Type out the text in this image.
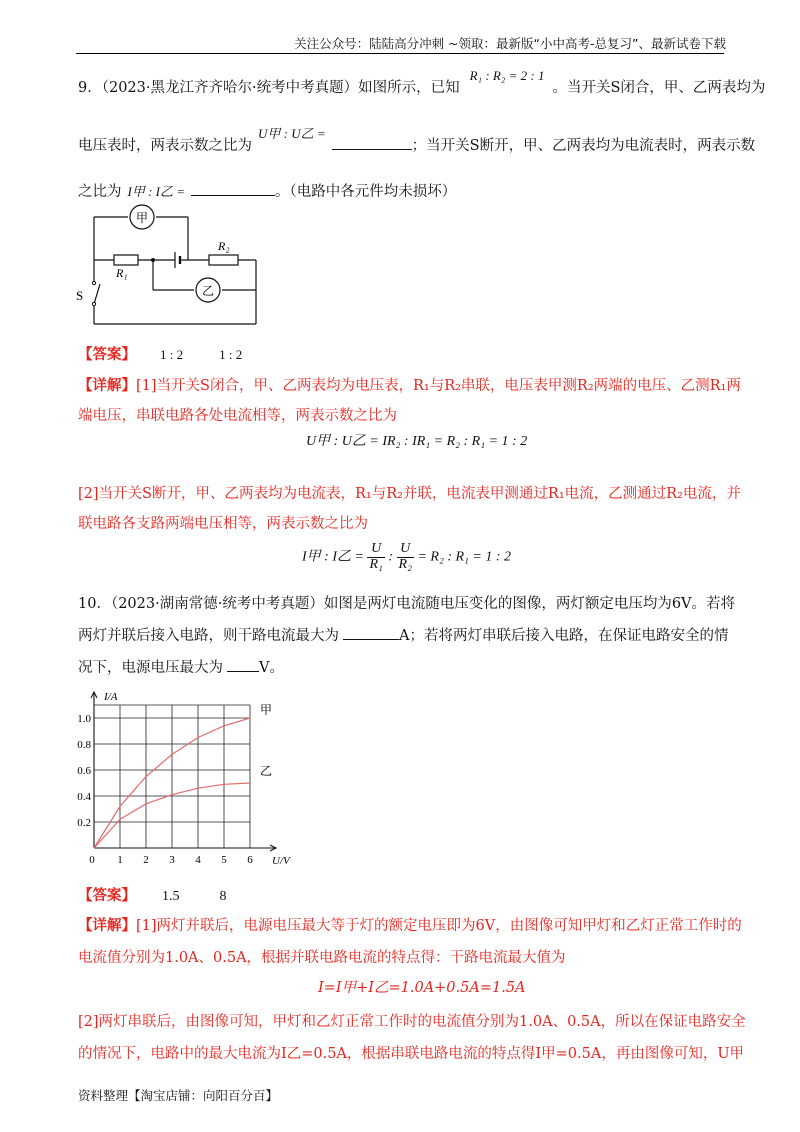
关注公众号：陆陆高分冲刺 ~领取：最新版“小中高考-总复习”、最新试卷下载
9．（2023·黑龙江齐齐哈尔·统考中考真题）如图所示，已知R₁ : R₂ = 2 : 1。当开关S闭合，甲、乙两表均为
电压表时，两表示数之比为U甲 : U乙 =；当开关S断开，甲、乙两表均为电流表时，两表示数
之比为 I甲 : I乙 =	。（电路中各元件均未损坏）
甲
乙
R₁
R₂
S
【答案】 1 : 2	1 : 2
【详解】[1]当开关S闭合，甲、乙两表均为电压表，R₁与R₂串联，电压表甲测R₂两端的电压、乙测R₁两
端电压，串联电路各处电流相等，两表示数之比为
U甲 : U乙 = IR₂ : IR₁ = R₂ : R₁ = 1 : 2
[2]当开关S断开，甲、乙两表均为电流表，R₁与R₂并联，电流表甲测通过R₁电流，乙测通过R₂电流，并
联电路各支路两端电压相等，两表示数之比为
I甲 : I乙 = $\frac{U}{\text{R₁}}$ : $\frac{U}{\text{R₂}} = R_2$ : R₁ = 1 : 2
10．（2023·湖南常德·统考中考真题）如图是两灯电流随电压变化的图像，两灯额定电压均为6V。若将
两灯并联后接入电路，则干路电流最大为	A；若将两灯串联后接入电路，在保证电路安全的情
况下，电源电压最大为 V。
0 1 2 3 4 5 6
0.2
0.4
0.6
0.8
1.0
U/V
I/A
甲
乙
【答案】 1.5	8
【详解】[1]两灯并联后，电源电压最大等于灯的额定电压即为6V，由图像可知甲灯和乙灯正常工作时的
电流值分别为1.0A、0.5A，根据并联电路电流的特点得：干路电流最大值为
I=I甲+I乙=1.0A+0.5A=1.5A
[2]两灯串联后，由图像可知，甲灯和乙灯正常工作时的电流值分别为1.0A、0.5A，所以在保证电路安全
的情况下，电路中的最大电流为I乙=0.5A，根据串联电路电流的特点得I甲=0.5A，再由图像可知，U甲
资料整理【淘宝店铺：向阳百分百】
